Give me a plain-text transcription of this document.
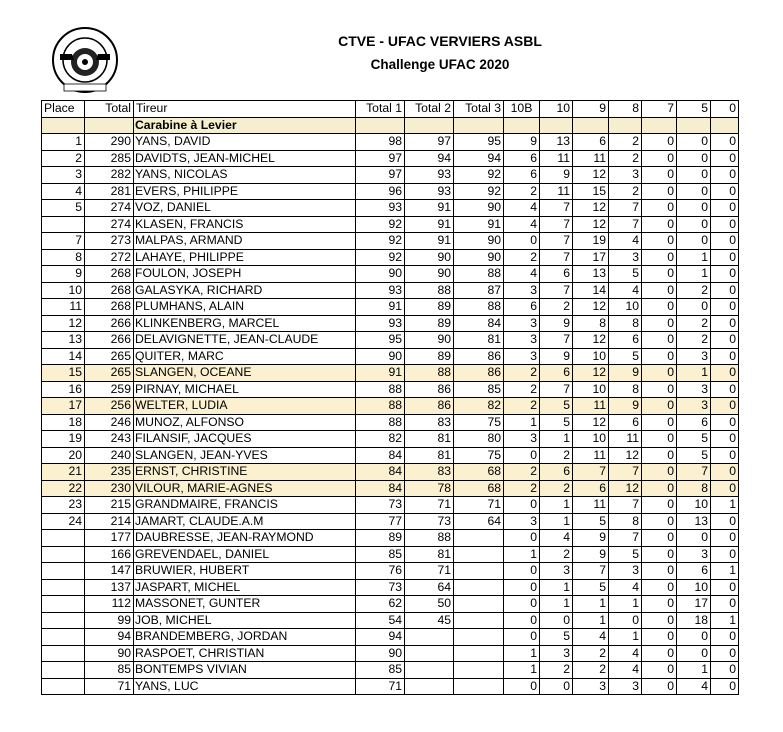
CTVE - UFAC VERVIERS ASBL
Challenge UFAC 2020
Place	Total	Tireur	Total 1	Total 2	Total 3	10B	10	9	8	7	5	0
		Carabine à Levier										
1	290	YANS, DAVID	98	97	95	9	13	6	2	0	0	0
2	285	DAVIDTS, JEAN-MICHEL	97	94	94	6	11	11	2	0	0	0
3	282	YANS, NICOLAS	97	93	92	6	9	12	3	0	0	0
4	281	EVERS, PHILIPPE	96	93	92	2	11	15	2	0	0	0
5	274	VOZ, DANIEL	93	91	90	4	7	12	7	0	0	0
	274	KLASEN, FRANCIS	92	91	91	4	7	12	7	0	0	0
7	273	MALPAS, ARMAND	92	91	90	0	7	19	4	0	0	0
8	272	LAHAYE, PHILIPPE	92	90	90	2	7	17	3	0	1	0
9	268	FOULON, JOSEPH	90	90	88	4	6	13	5	0	1	0
10	268	GALASYKA, RICHARD	93	88	87	3	7	14	4	0	2	0
11	268	PLUMHANS, ALAIN	91	89	88	6	2	12	10	0	0	0
12	266	KLINKENBERG, MARCEL	93	89	84	3	9	8	8	0	2	0
13	266	DELAVIGNETTE, JEAN-CLAUDE	95	90	81	3	7	12	6	0	2	0
14	265	QUITER, MARC	90	89	86	3	9	10	5	0	3	0
15	265	SLANGEN, OCEANE	91	88	86	2	6	12	9	0	1	0
16	259	PIRNAY, MICHAEL	88	86	85	2	7	10	8	0	3	0
17	256	WELTER, LUDIA	88	86	82	2	5	11	9	0	3	0
18	246	MUNOZ, ALFONSO	88	83	75	1	5	12	6	0	6	0
19	243	FILANSIF, JACQUES	82	81	80	3	1	10	11	0	5	0
20	240	SLANGEN, JEAN-YVES	84	81	75	0	2	11	12	0	5	0
21	235	ERNST, CHRISTINE	84	83	68	2	6	7	7	0	7	0
22	230	VILOUR, MARIE-AGNES	84	78	68	2	2	6	12	0	8	0
23	215	GRANDMAIRE, FRANCIS	73	71	71	0	1	11	7	0	10	1
24	214	JAMART, CLAUDE.A.M	77	73	64	3	1	5	8	0	13	0
	177	DAUBRESSE, JEAN-RAYMOND	89	88		0	4	9	7	0	0	0
	166	GREVENDAEL, DANIEL	85	81		1	2	9	5	0	3	0
	147	BRUWIER, HUBERT	76	71		0	3	7	3	0	6	1
	137	JASPART, MICHEL	73	64		0	1	5	4	0	10	0
	112	MASSONET, GUNTER	62	50		0	1	1	1	0	17	0
	99	JOB, MICHEL	54	45		0	0	1	0	0	18	1
	94	BRANDEMBERG, JORDAN	94			0	5	4	1	0	0	0
	90	RASPOET, CHRISTIAN	90			1	3	2	4	0	0	0
	85	BONTEMPS VIVIAN	85			1	2	2	4	0	1	0
	71	YANS, LUC	71			0	0	3	3	0	4	0
